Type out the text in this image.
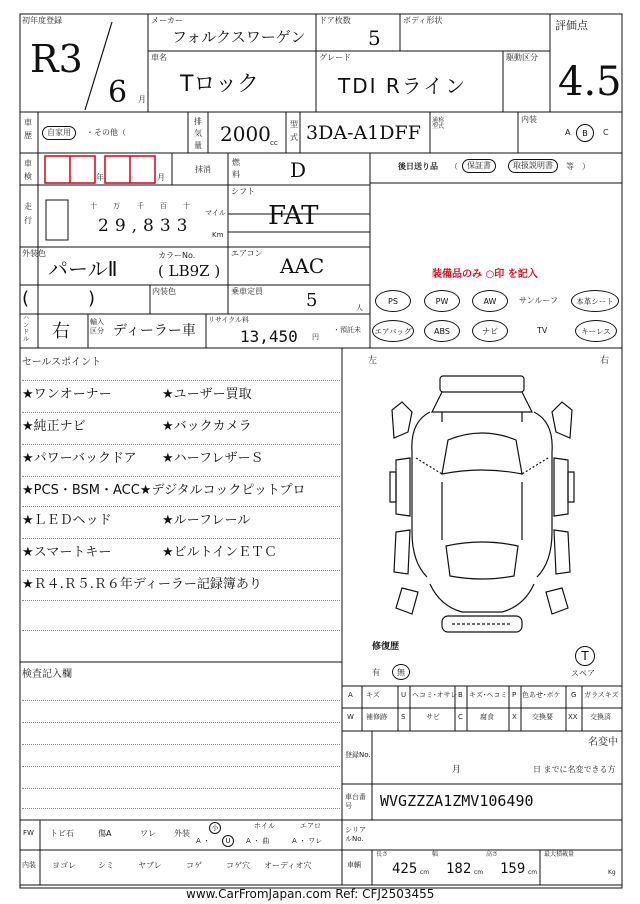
初年度登録
R3
6 月
メーカー
フォルクスワーゲン
ドア枚数
5
ボディ形状	評価点
4.5
車名
Tロック
グレード
TDI Rライン
駆動区分
車歴	自家用	・その他（
排気量 2000 cc
型式 3DA-A1DFF
通称型式
内装
A	B	C
車検	年	月
抹消
燃料	D	後日送り品 （	保証書	取扱説明書	等　）
走行
十 万 千 百 十
29,833
マイル
Km
シフト
FAT
外装色
パールⅡ
カラーNo.
( LB9Z )
エアコン
AAC	装備品のみ ○印 を記入
(	)	内装色	乗車定員 5	人
PS	PW	AW	サンルーフ	本革シート
ハンドル 右	輸入区分 ディーラー車
リサイクル料
13,450 円
・預託未	エアバッグ	ABS	ナビ	TV	キーレス
セールスポイント
★ワンオーナー	★ユーザー買取
★純正ナビ	★バックカメラ
★パワーバックドア ★ハーフレザーＳ
★PCS・BSM・ACC★デジタルコックピットプロ
★ＬＥＤヘッド	★ルーフレール
★スマートキー	★ビルトインＥＴＣ
★Ｒ４.Ｒ５.Ｒ６年ディーラー記録簿あり
検査記入欄
左	右
修復歴
有	無
T
スペア
A キズ	U ヘコミ･オサレ B キズ･ヘコミ P 色あせ･ボケ G ガラスキズ
W 補修跡 S	サビ	C 腐食	X 交換要 XX 交換済
登録No.
名変中
月	日 までに名変できる方
車台番号	WVGZZZA1ZMV106490
FW トビ石	傷A	ワレ 外装
小
A ・	U
ホイル
A ・ 曲
エアロ
A ・ ワレ
シリアルNo.
内装 ヨゴレ	シミ	ヤブレ	コゲ	コゲ穴 オーディオ穴	車輌
長さ
425 cm
幅
182 cm
高さ
159 cm
最大積載量
Kg
www.CarFromJapan.com Ref: CFJ2503455
